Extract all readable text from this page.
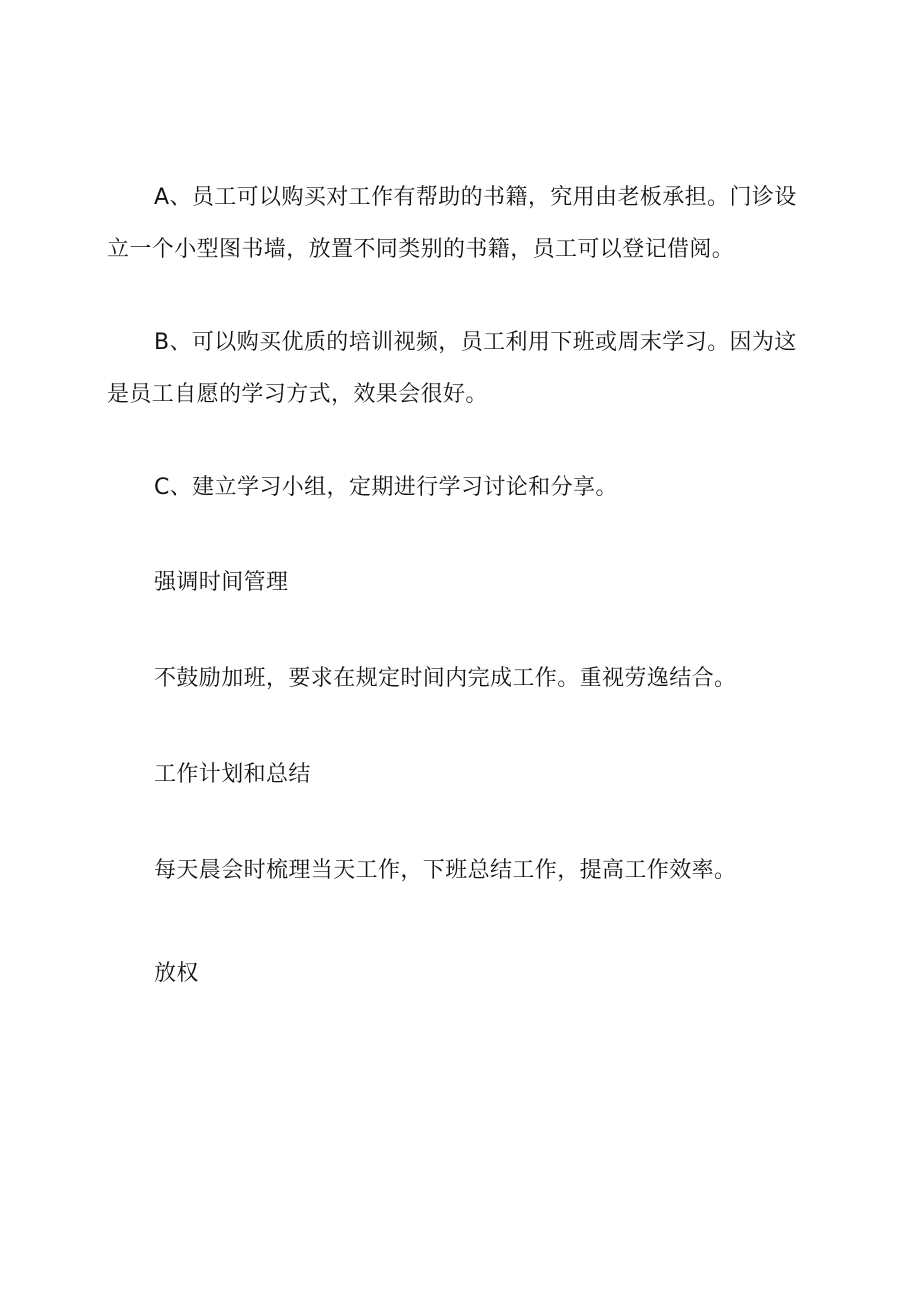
A、员工可以购买对工作有帮助的书籍，究用由老板承担。门诊设
立一个小型图书墙，放置不同类别的书籍，员工可以登记借阅。
B、可以购买优质的培训视频，员工利用下班或周末学习。因为这
是员工自愿的学习方式，效果会很好。
C、建立学习小组，定期进行学习讨论和分享。
强调时间管理
不鼓励加班，要求在规定时间内完成工作。重视劳逸结合。
工作计划和总结
每天晨会时梳理当天工作，下班总结工作，提高工作效率。
放权
